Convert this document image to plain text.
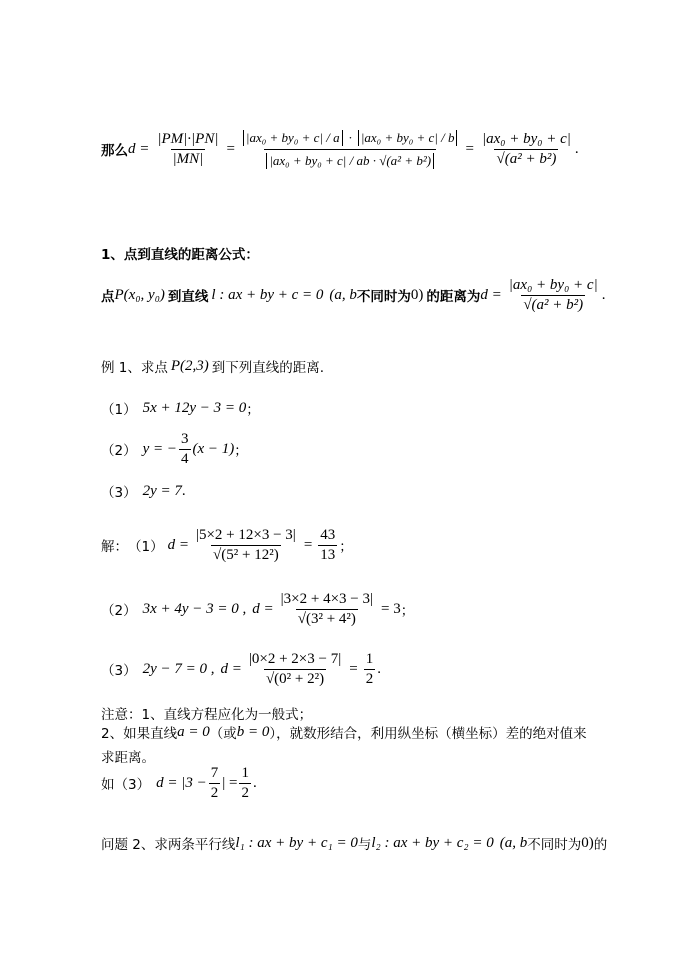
那么 $d = \frac{|PM|\cdot|PN|}{|MN|} = \frac{\text{|ax₀ + by₀ + c| / a · |ax₀ + by₀ + c| / b}}{\text{|ax₀ + by₀ + c| / ab · √(a² + b²)}} = \frac{\text{|ax₀ + by₀ + c|}}{\text{√(a² + b²)}}$ .
1、点到直线的距离公式：
点 P(x₀, y₀) 到直线 l : ax + by + c = 0 (a, b 不同时为 0) 的距离为 $d = \frac{\text{|ax₀ + by₀ + c|}}{\text{√(a² + b²)}}$ .
例 1、求点 P(2,3) 到下列直线的距离.
（1） 5x + 12y − 3 = 0 ；
（2） y = − $\frac{3}{4} (x - 1)$ ；
（3） 2y = 7 .
解： （1） $d = \frac{|5\times 2 + 12\times 3 - 3|}{\text{√(5² + 12²)}} = \frac{43}{13}$ ；
（2） 3x + 4y − 3 = 0 , $d = \frac{|3\times 2 + 4\times 3 - 3|}{\text{√(3² + 4²)}} = 3$ ；
（3） 2y − 7 = 0 , $d = \frac{|0\times 2 + 2\times 3 - 7|}{\text{√(0² + 2²)}} = \frac{1}{2}$ .
注意：1、直线方程应化为一般式；
2、如果直线 a = 0 （或 b = 0 ），就数形结合，利用纵坐标（横坐标）差的绝对值来
求距离。
如（3） $d = |3 - \frac{7}{2}$ | = $\frac{1}{2}$ .
问题 2、求两条平行线 l₁ : ax + by + c₁ = 0 与 l₂ : ax + by + c₂ = 0 (a, b 不同时为 0) 的
